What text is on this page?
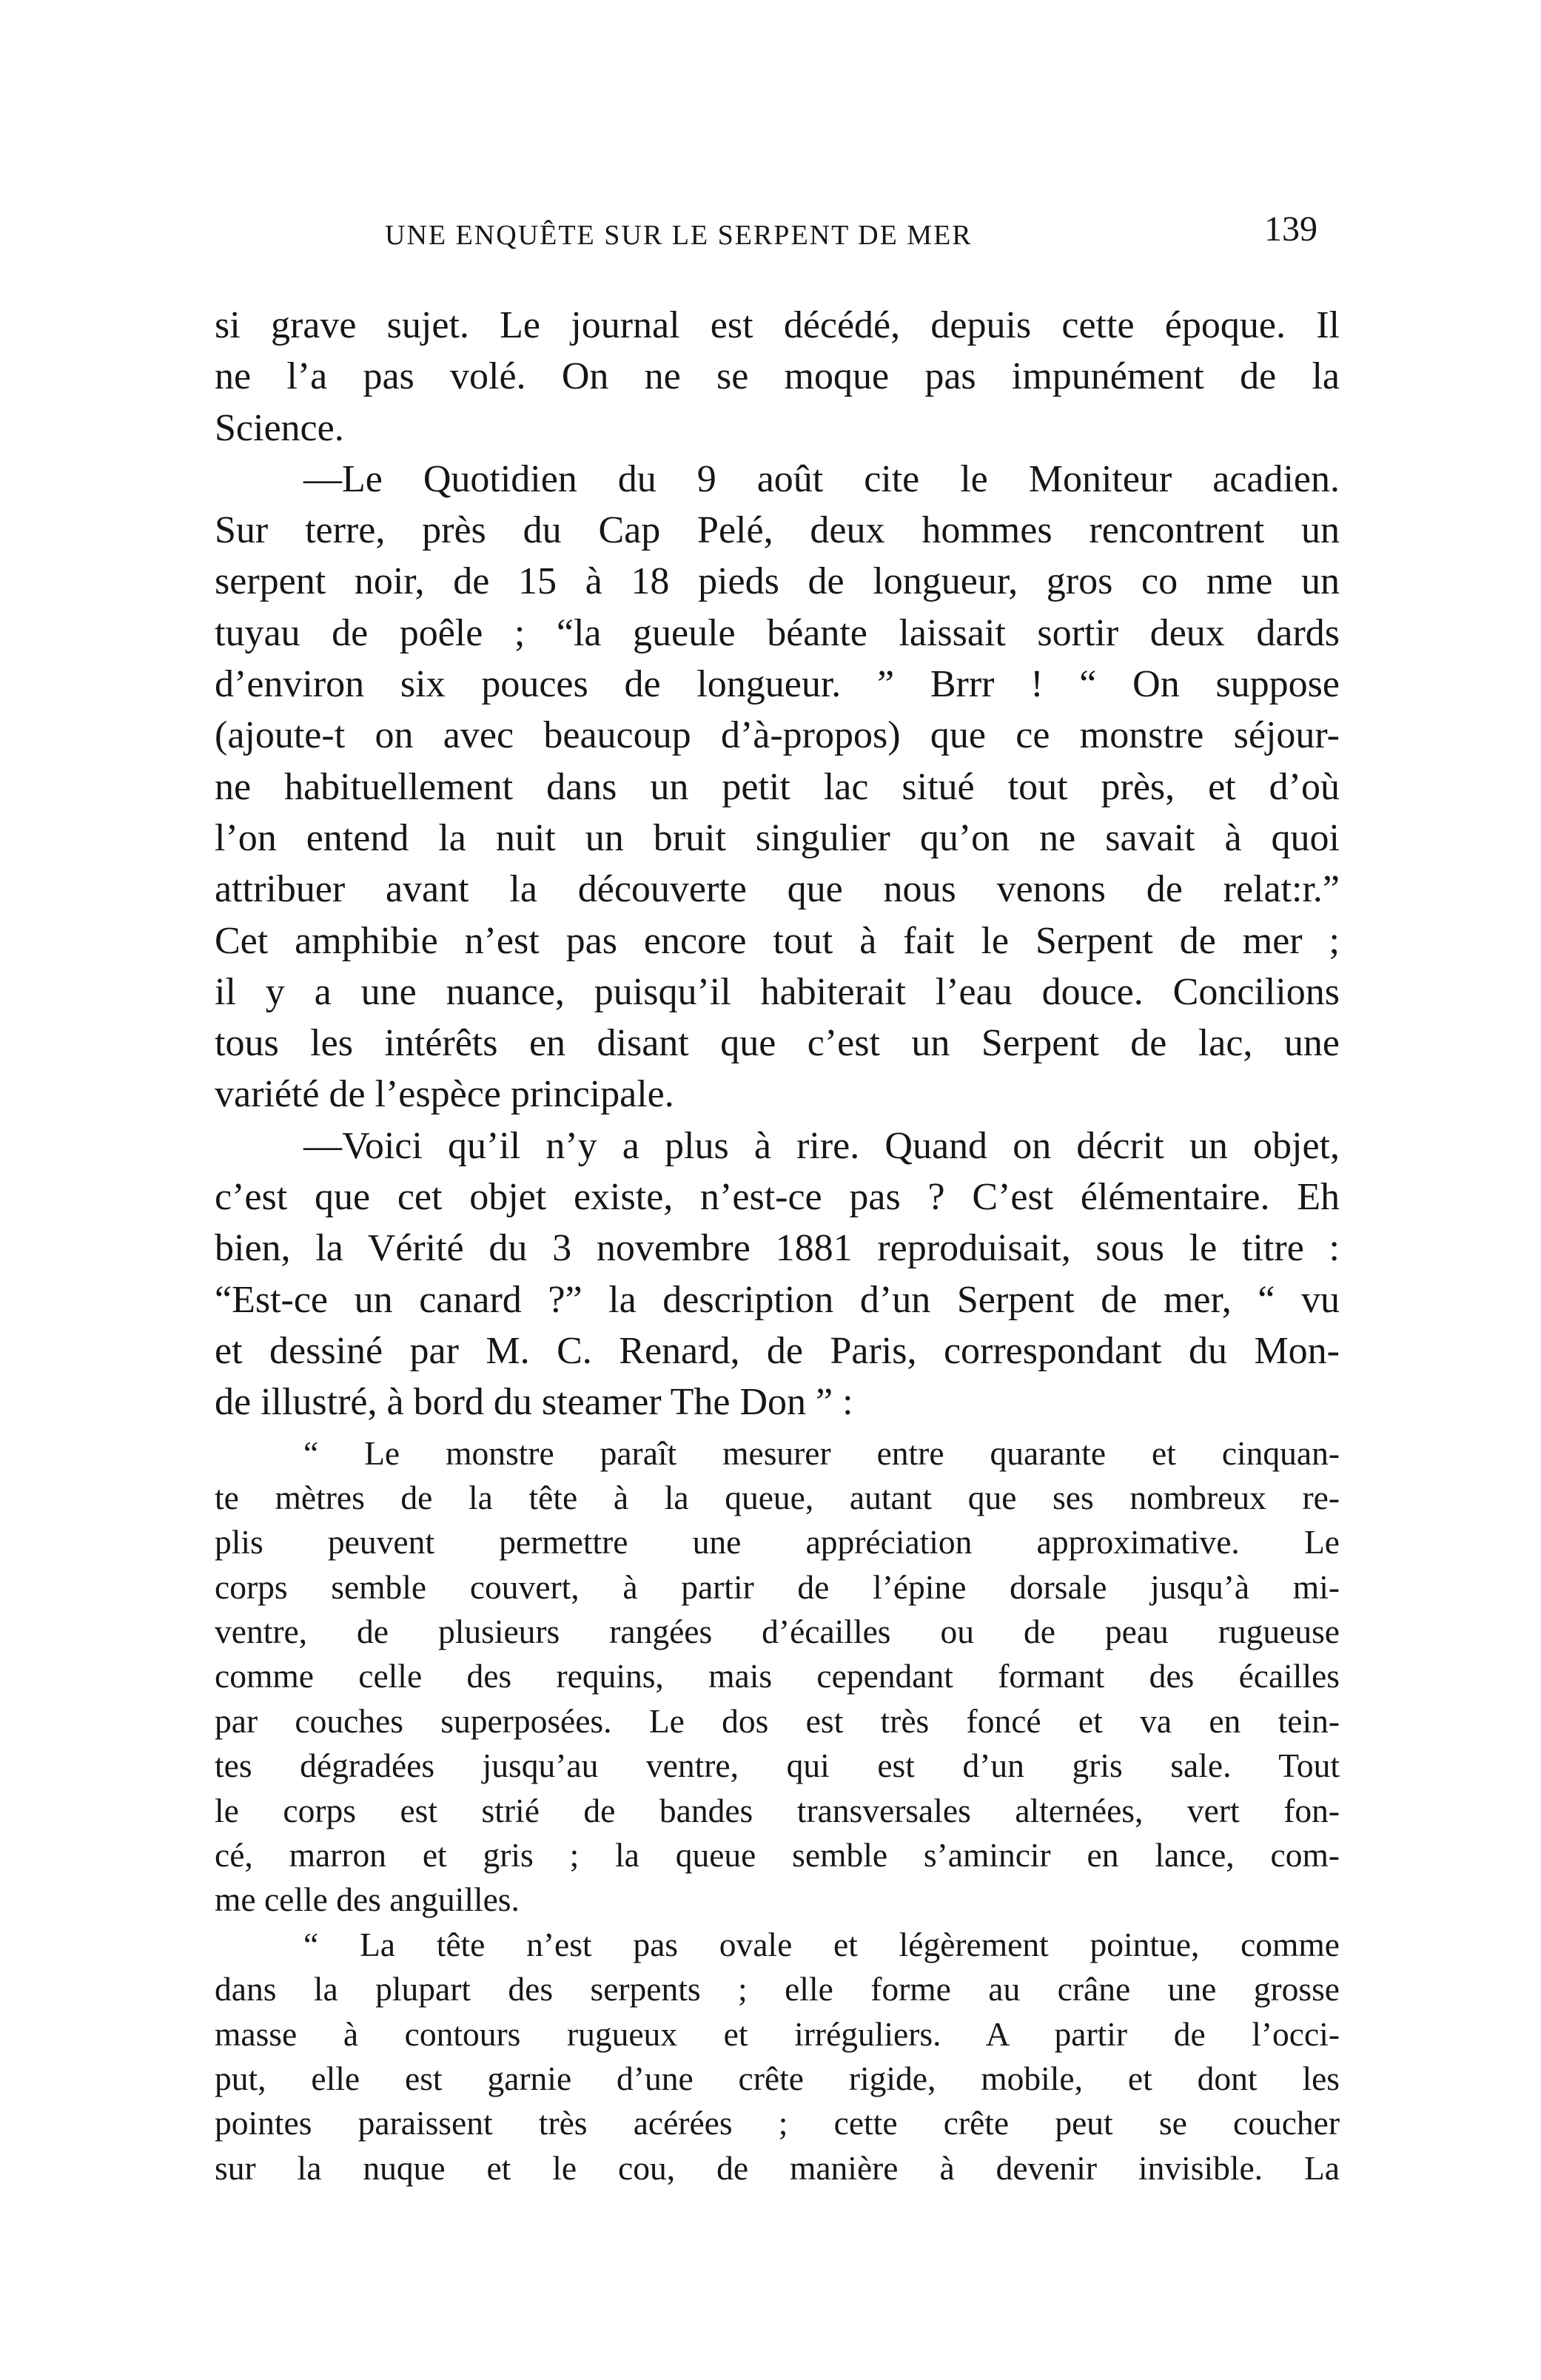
UNE ENQUÊTE SUR LE SERPENT DE MER	139
si grave sujet. Le journal est décédé, depuis cette époque. Il
ne l’a pas volé. On ne se moque pas impunément de la
Science.
—Le Quotidien du 9 août cite le Moniteur acadien.
Sur terre, près du Cap Pelé, deux hommes rencontrent un
serpent noir, de 15 à 18 pieds de longueur, gros co nme un
tuyau de poêle ; “la gueule béante laissait sortir deux dards
d’environ six pouces de longueur. ” Brrr ! “ On suppose
(ajoute-t on avec beaucoup d’à-propos) que ce monstre séjour-
ne habituellement dans un petit lac situé tout près, et d’où
l’on entend la nuit un bruit singulier qu’on ne savait à quoi
attribuer avant la découverte que nous venons de relat:r.”
Cet amphibie n’est pas encore tout à fait le Serpent de mer ;
il y a une nuance, puisqu’il habiterait l’eau douce. Concilions
tous les intérêts en disant que c’est un Serpent de lac, une
variété de l’espèce principale.
—Voici qu’il n’y a plus à rire. Quand on décrit un objet,
c’est que cet objet existe, n’est-ce pas ? C’est élémentaire. Eh
bien, la Vérité du 3 novembre 1881 reproduisait, sous le titre :
“Est-ce un canard ?” la description d’un Serpent de mer, “ vu
et dessiné par M. C. Renard, de Paris, correspondant du Mon-
de illustré, à bord du steamer The Don ” :
“ Le monstre paraît mesurer entre quarante et cinquan-
te mètres de la tête à la queue, autant que ses nombreux re-
plis peuvent permettre une appréciation approximative. Le
corps semble couvert, à partir de l’épine dorsale jusqu’à mi-
ventre, de plusieurs rangées d’écailles ou de peau rugueuse
comme celle des requins, mais cependant formant des écailles
par couches superposées. Le dos est très foncé et va en tein-
tes dégradées jusqu’au ventre, qui est d’un gris sale. Tout
le corps est strié de bandes transversales alternées, vert fon-
cé, marron et gris ; la queue semble s’amincir en lance, com-
me celle des anguilles.
“ La tête n’est pas ovale et légèrement pointue, comme
dans la plupart des serpents ; elle forme au crâne une grosse
masse à contours rugueux et irréguliers. A partir de l’occi-
put, elle est garnie d’une crête rigide, mobile, et dont les
pointes paraissent très acérées ; cette crête peut se coucher
sur la nuque et le cou, de manière à devenir invisible. La
